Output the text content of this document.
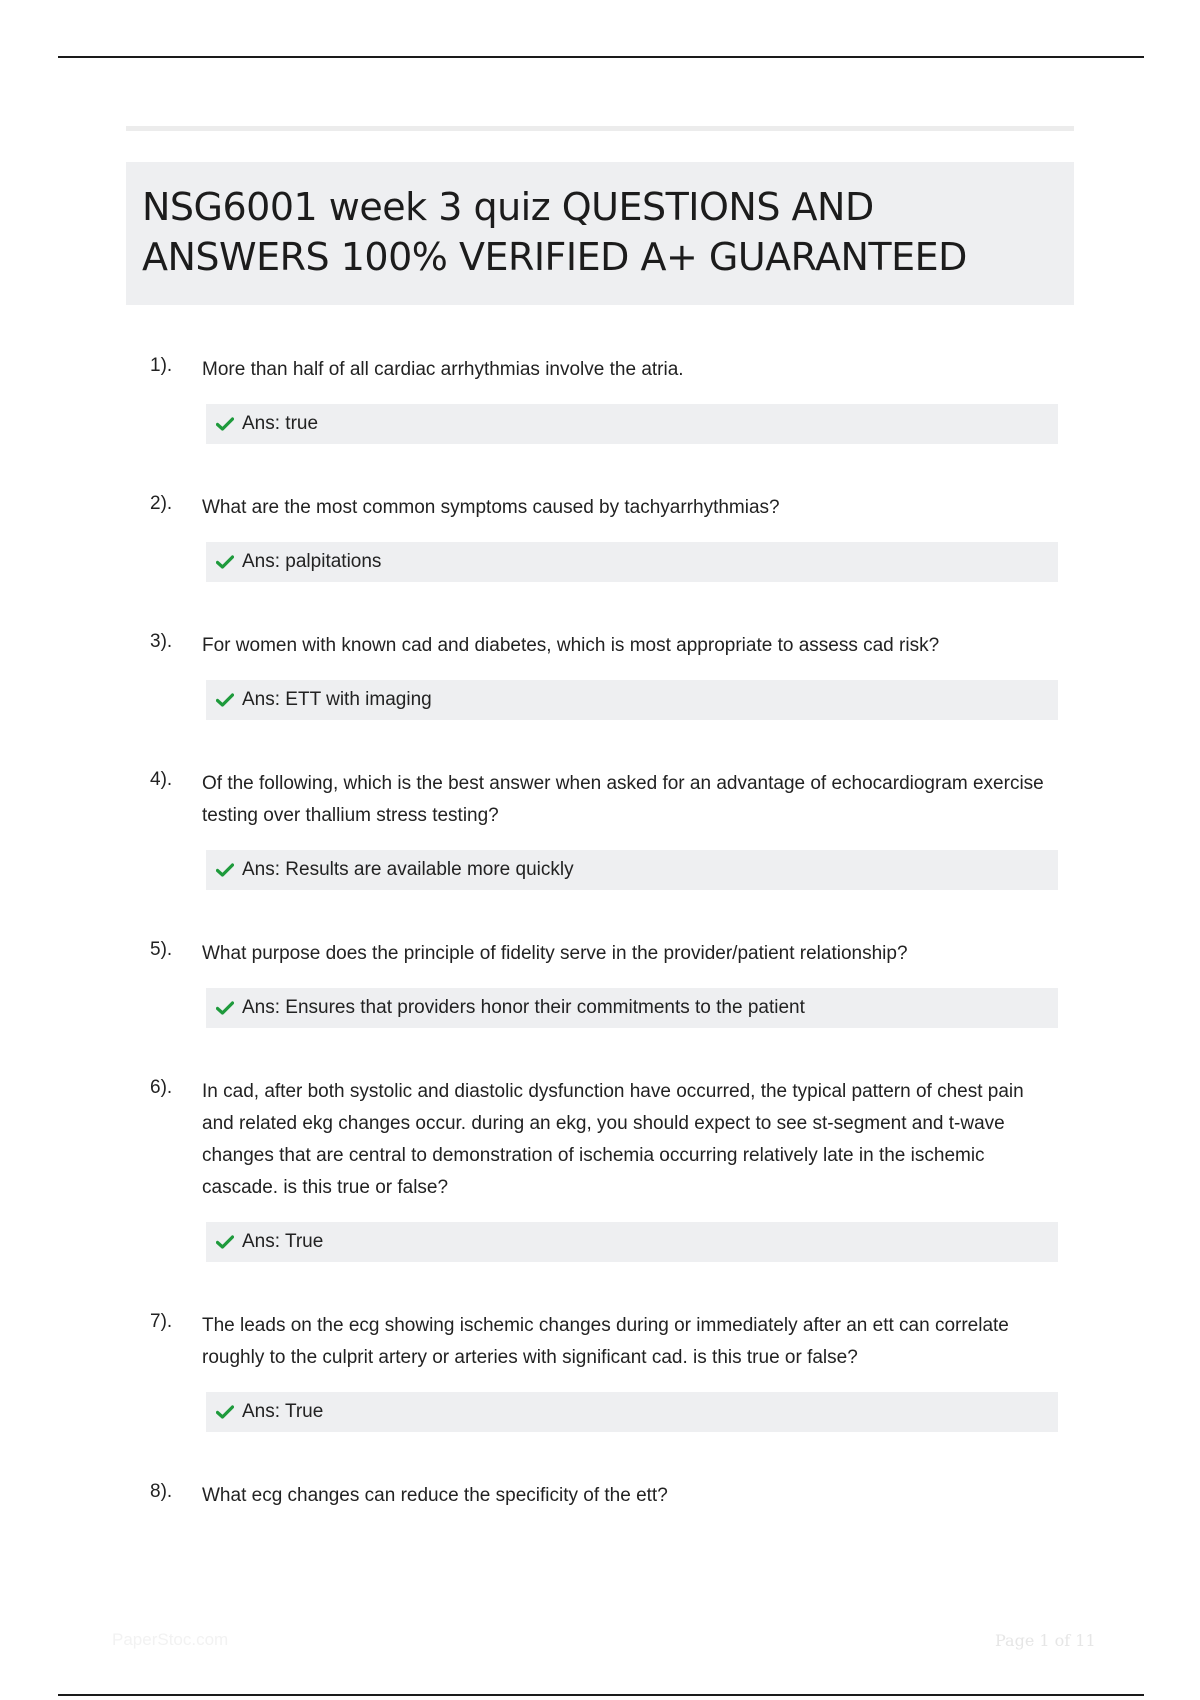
NSG6001 week 3 quiz QUESTIONS AND ANSWERS 100% VERIFIED A+ GUARANTEED
1).	More than half of all cardiac arrhythmias involve the atria.
Ans: true
2).	What are the most common symptoms caused by tachyarrhythmias?
Ans: palpitations
3).	For women with known cad and diabetes, which is most appropriate to assess cad risk?
Ans: ETT with imaging
4).	Of the following, which is the best answer when asked for an advantage of echocardiogram exercise testing over thallium stress testing?
Ans: Results are available more quickly
5).	What purpose does the principle of fidelity serve in the provider/patient relationship?
Ans: Ensures that providers honor their commitments to the patient
6).	In cad, after both systolic and diastolic dysfunction have occurred, the typical pattern of chest pain and related ekg changes occur. during an ekg, you should expect to see st-segment and t-wave changes that are central to demonstration of ischemia occurring relatively late in the ischemic cascade. is this true or false?
Ans: True
7).	The leads on the ecg showing ischemic changes during or immediately after an ett can correlate roughly to the culprit artery or arteries with significant cad. is this true or false?
Ans: True
8).	What ecg changes can reduce the specificity of the ett?
PaperStoc.com	Page 1 of 11
